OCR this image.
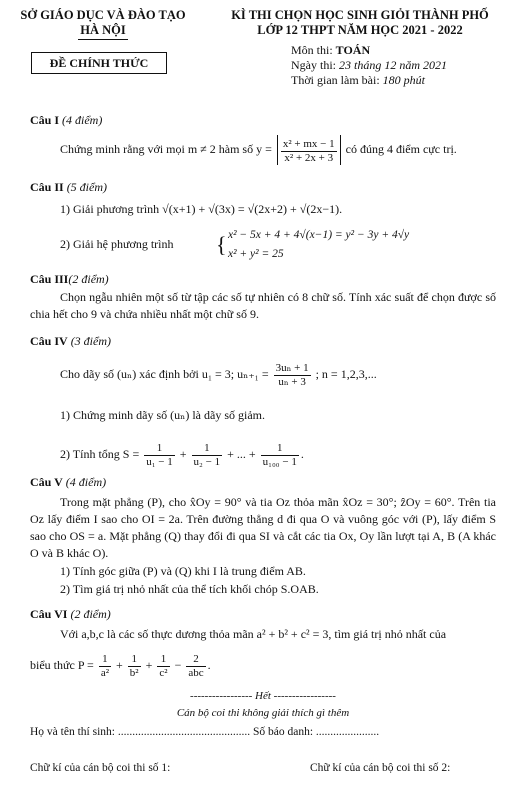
SỞ GIÁO DỤC VÀ ĐÀO TẠO
HÀ NỘI
ĐỀ CHÍNH THỨC
KÌ THI CHỌN HỌC SINH GIỎI THÀNH PHỐ
LỚP 12 THPT NĂM HỌC 2021 - 2022
Môn thi: TOÁN
Ngày thi: 23 tháng 12 năm 2021
Thời gian làm bài: 180 phút
Câu I (4 điểm)
Chứng minh rằng với mọi m ≠ 2 hàm số $y = \frac{\text{x² + mx − 1}}{\text{x² + 2x + 3}}$ có đúng 4 điểm cực trị.
Câu II (5 điểm)
1) Giải phương trình √(x+1) + √(3x) = √(2x+2) + √(2x−1).
2) Giải hệ phương trình { x² − 5x + 4 + 4√(x−1) = y² − 3y + 4√y
x² + y² = 25
Câu III(2 điểm)
Chọn ngẫu nhiên một số từ tập các số tự nhiên có 8 chữ số. Tính xác suất để chọn được số chia hết cho 9 và chứa nhiều nhất một chữ số 9.
Câu IV (3 điểm)
Cho dãy số (uₙ) xác định bởi u₁ = 3; $u_{n+1} = \frac{\text{3uₙ + 1}}{\text{uₙ + 3}}$ ; n = 1,2,3,...
1) Chứng minh dãy số (uₙ) là dãy số giảm.
2) Tính tổng $S = \frac{1}{\text{u₁ − 1}} + \frac{1}{\text{u₂ − 1}}$ + ... + $\frac{1}{\text{u₁₀₀ − 1}}$ .
Câu V (4 điểm)
Trong mặt phẳng (P), cho x̂Oy = 90° và tia Oz thỏa mãn x̂Oz = 30°; ẑOy = 60°. Trên tia Oz lấy điểm I sao cho OI = 2a. Trên đường thẳng d đi qua O và vuông góc với (P), lấy điểm S sao cho OS = a. Mặt phẳng (Q) thay đổi đi qua SI và cắt các tia Ox, Oy lần lượt tại A, B (A khác O và B khác O).
1) Tính góc giữa (P) và (Q) khi I là trung điểm AB.
2) Tìm giá trị nhỏ nhất của thể tích khối chóp S.OAB.
Câu VI (2 điểm)
Với a,b,c là các số thực dương thỏa mãn a² + b² + c² = 3, tìm giá trị nhỏ nhất của
biểu thức $P = \frac{1}{\text{a²}} + \frac{1}{\text{b²}} + \frac{1}{\text{c²}} - \frac{2}{\text{abc}}$ .
----------------- Hết -----------------
Cán bộ coi thi không giải thích gì thêm
Họ và tên thí sinh: .............................................. Số báo danh: ......................
Chữ kí của cán bộ coi thi số 1:	Chữ kí của cán bộ coi thi số 2:
